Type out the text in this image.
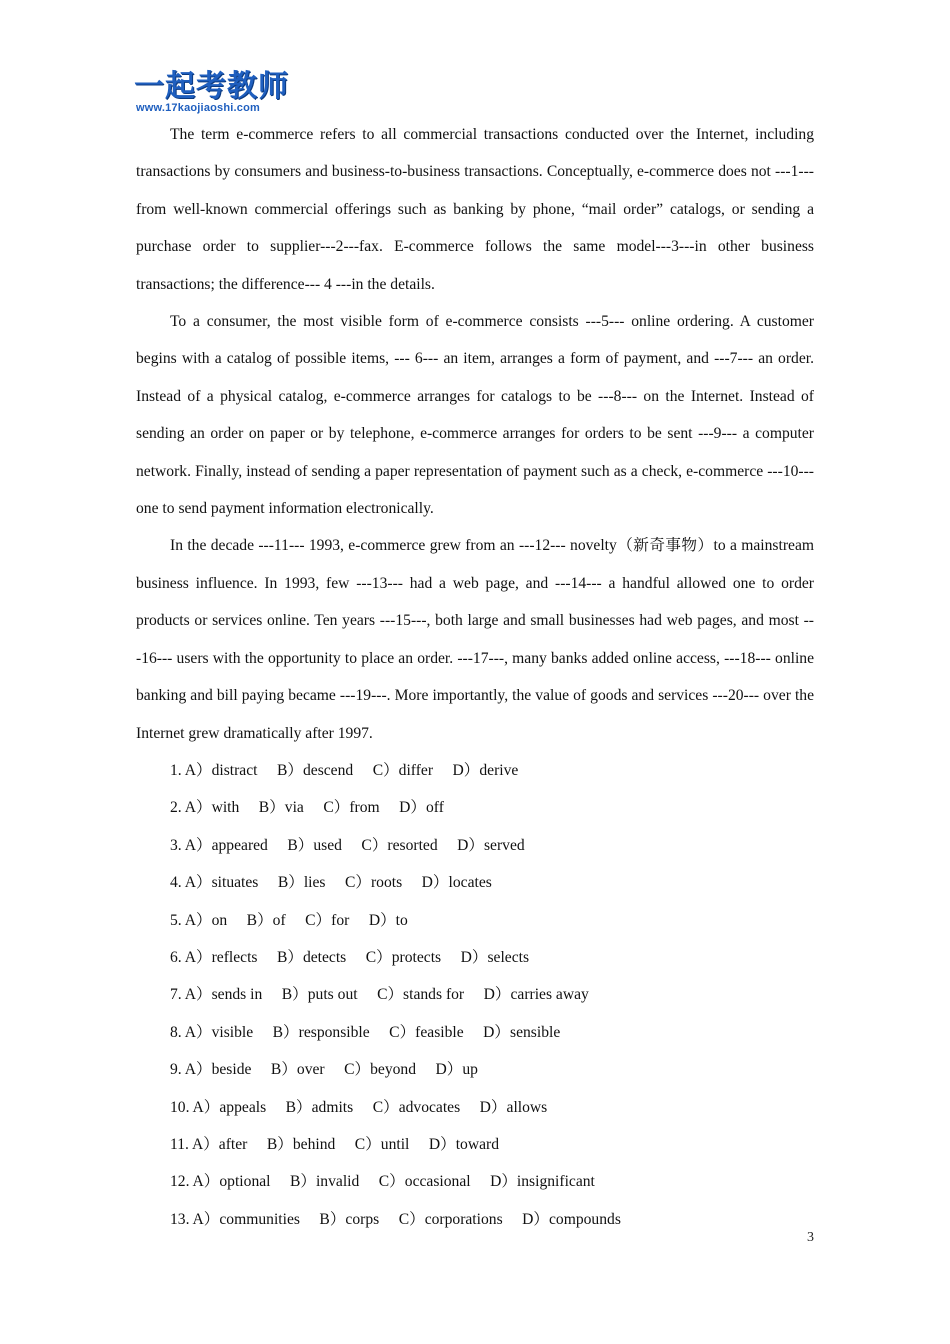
一起考教师
www.17kaojiaoshi.com

The term e-commerce refers to all commercial transactions conducted over the Internet, including transactions by consumers and business-to-business transactions. Conceptually, e-commerce does not ---1---from well-known commercial offerings such as banking by phone, “mail order” catalogs, or sending a purchase order to supplier---2---fax. E-commerce follows the same model---3---in other business transactions; the difference--- 4 ---in the details.

To a consumer, the most visible form of e-commerce consists ---5--- online ordering. A customer begins with a catalog of possible items, --- 6--- an item, arranges a form of payment, and ---7--- an order. Instead of a physical catalog, e-commerce arranges for catalogs to be ---8--- on the Internet. Instead of sending an order on paper or by telephone, e-commerce arranges for orders to be sent ---9--- a computer network. Finally, instead of sending a paper representation of payment such as a check, e-commerce ---10--- one to send payment information electronically.

In the decade ---11--- 1993, e-commerce grew from an ---12--- novelty（新奇事物）to a mainstream business influence. In 1993, few ---13--- had a web page, and ---14--- a handful allowed one to order products or services online. Ten years ---15---, both large and small businesses had web pages, and most ---16--- users with the opportunity to place an order. ---17---, many banks added online access, ---18--- online banking and bill paying became ---19---. More importantly, the value of goods and services ---20--- over the Internet grew dramatically after 1997.

1. A）distract     B）descend     C）differ     D）derive
2. A）with     B）via     C）from     D）off
3. A）appeared     B）used     C）resorted     D）served
4. A）situates     B）lies     C）roots     D）locates
5. A）on     B）of     C）for     D）to
6. A）reflects     B）detects     C）protects     D）selects
7. A）sends in     B）puts out     C）stands for     D）carries away
8. A）visible     B）responsible     C）feasible     D）sensible
9. A）beside     B）over     C）beyond     D）up
10. A）appeals     B）admits     C）advocates     D）allows
11. A）after     B）behind     C）until     D）toward
12. A）optional     B）invalid     C）occasional     D）insignificant
13. A）communities     B）corps     C）corporations     D）compounds
3
